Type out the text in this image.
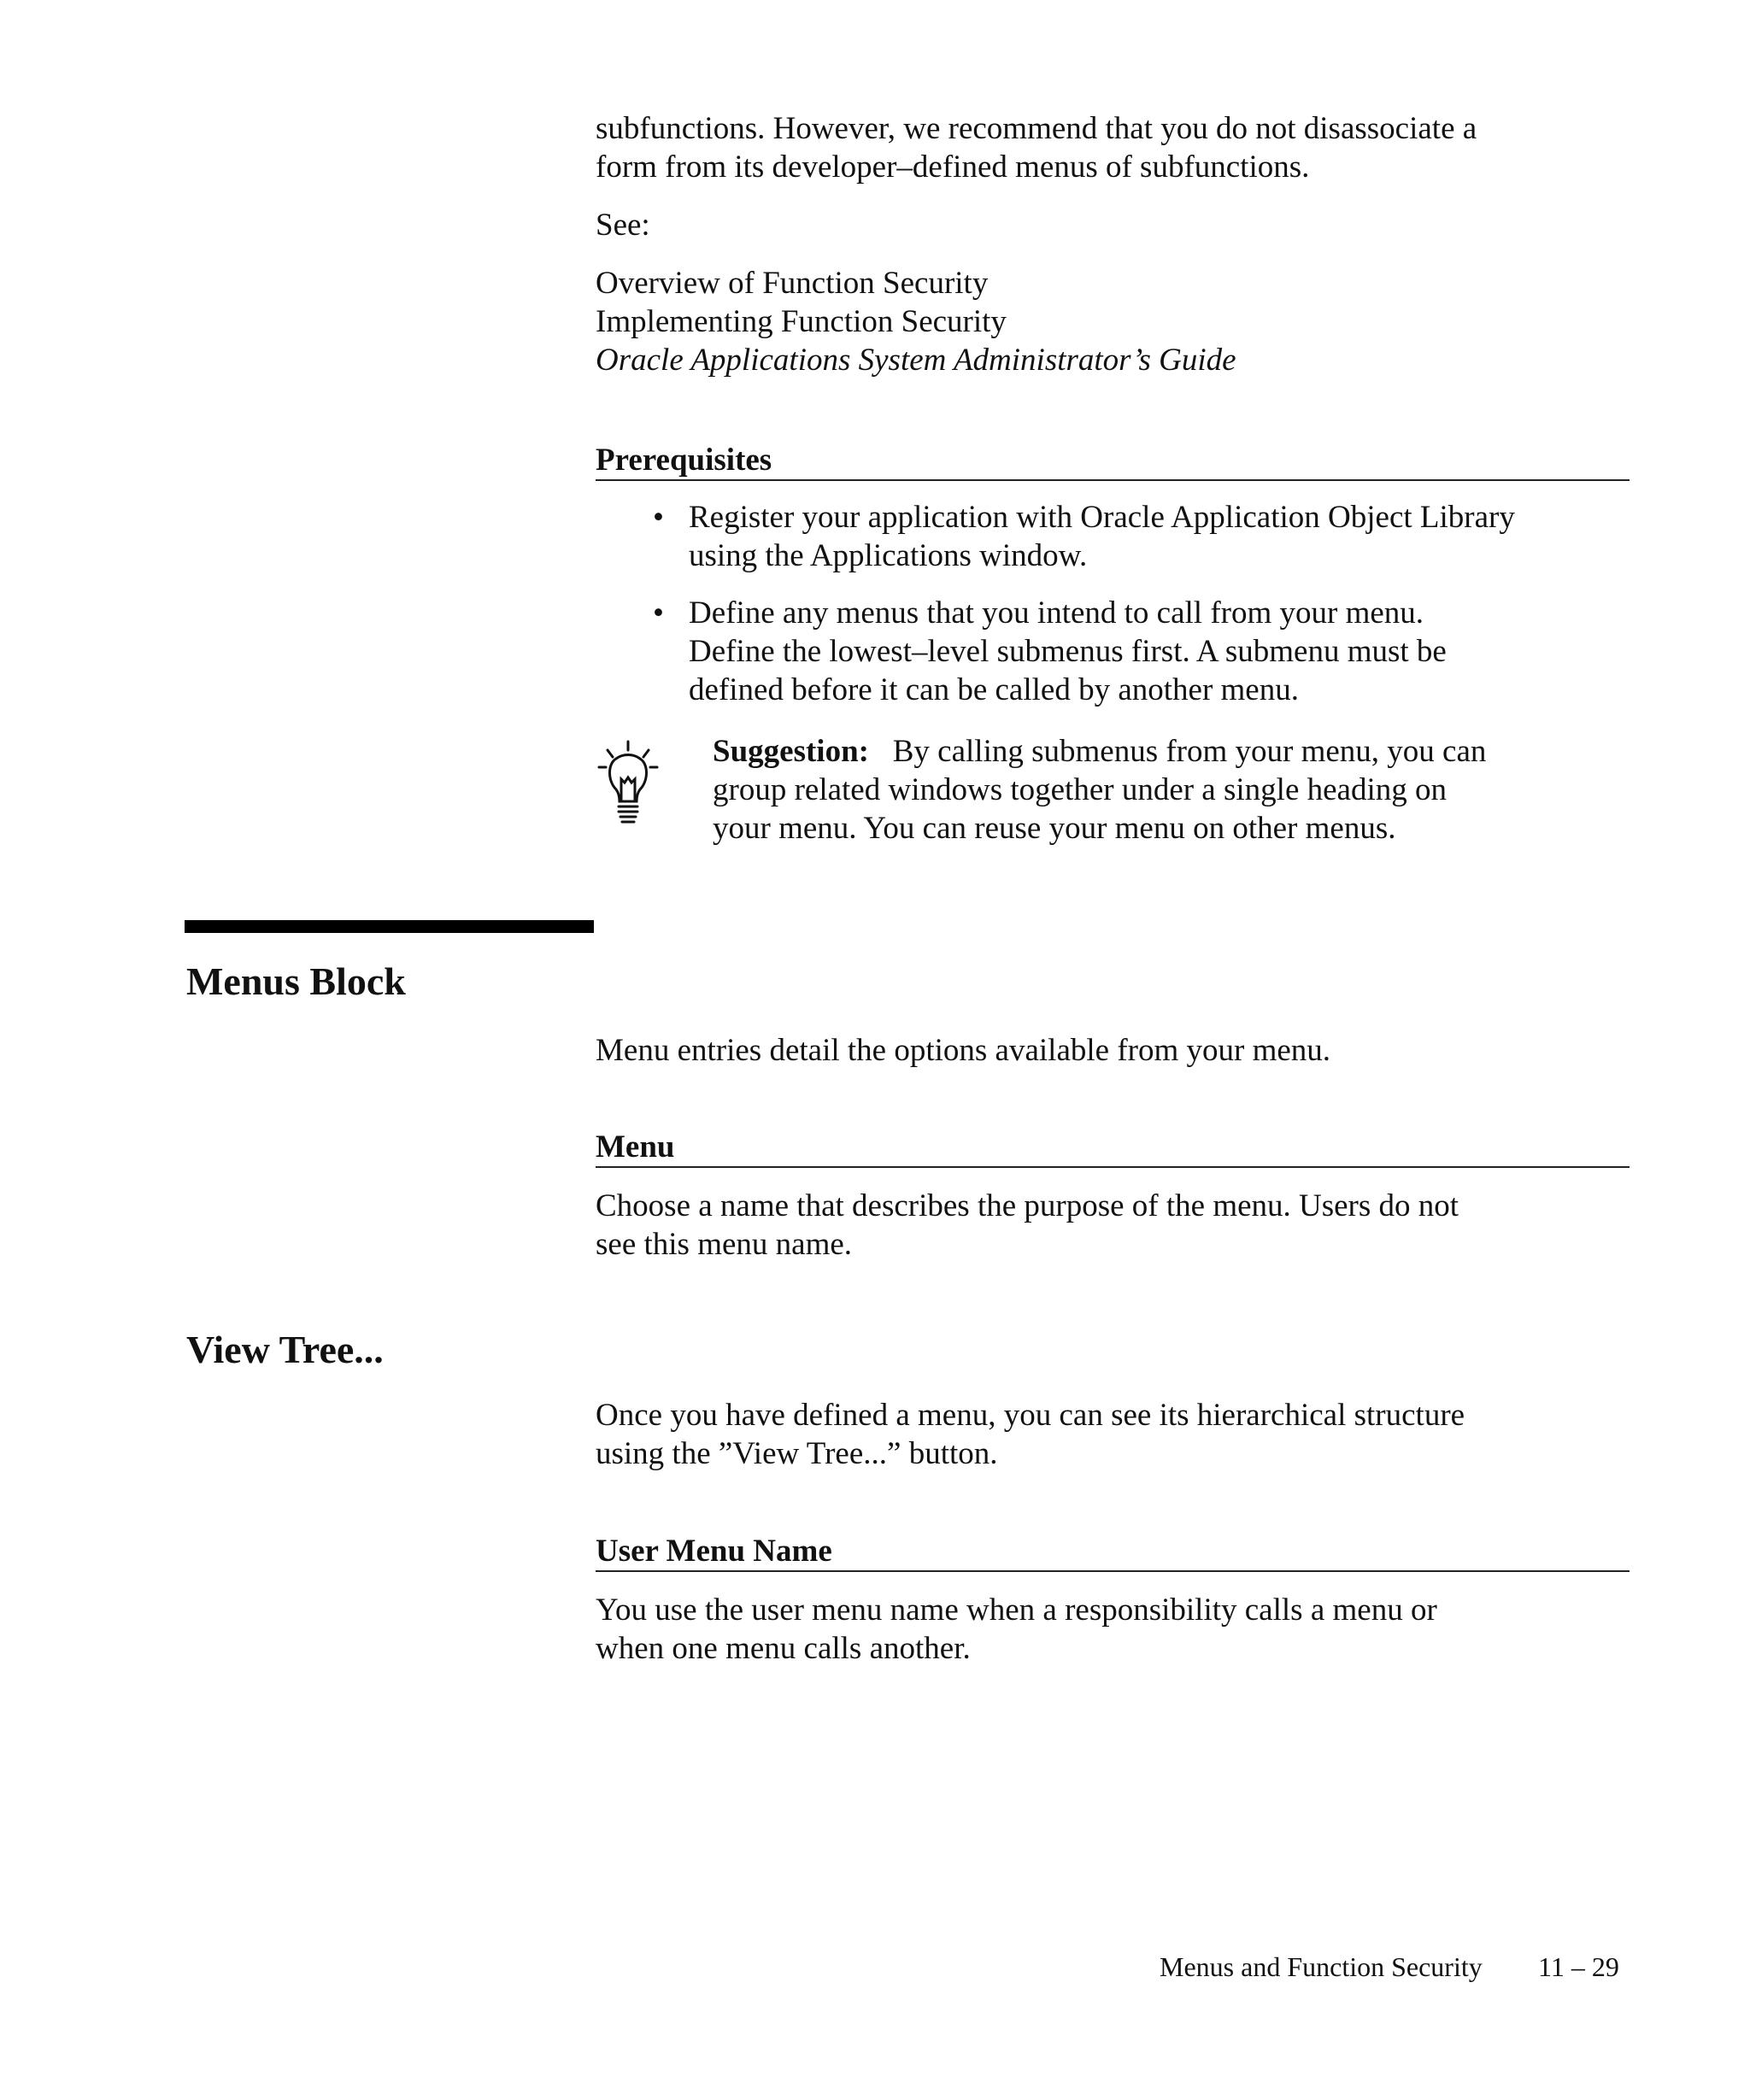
subfunctions. However, we recommend that you do not disassociate a
form from its developer–defined menus of subfunctions.
See:
Overview of Function Security
Implementing Function Security
Oracle Applications System Administrator’s Guide
Prerequisites
• Register your application with Oracle Application Object Library
using the Applications window.
• Define any menus that you intend to call from your menu.
Define the lowest–level submenus first. A submenu must be
defined before it can be called by another menu.
Suggestion: By calling submenus from your menu, you can
group related windows together under a single heading on
your menu. You can reuse your menu on other menus.
Menus Block
Menu entries detail the options available from your menu.
Menu
Choose a name that describes the purpose of the menu. Users do not
see this menu name.
View Tree...
Once you have defined a menu, you can see its hierarchical structure
using the ”View Tree...” button.
User Menu Name
You use the user menu name when a responsibility calls a menu or
when one menu calls another.
Menus and Function Security 11 – 29
